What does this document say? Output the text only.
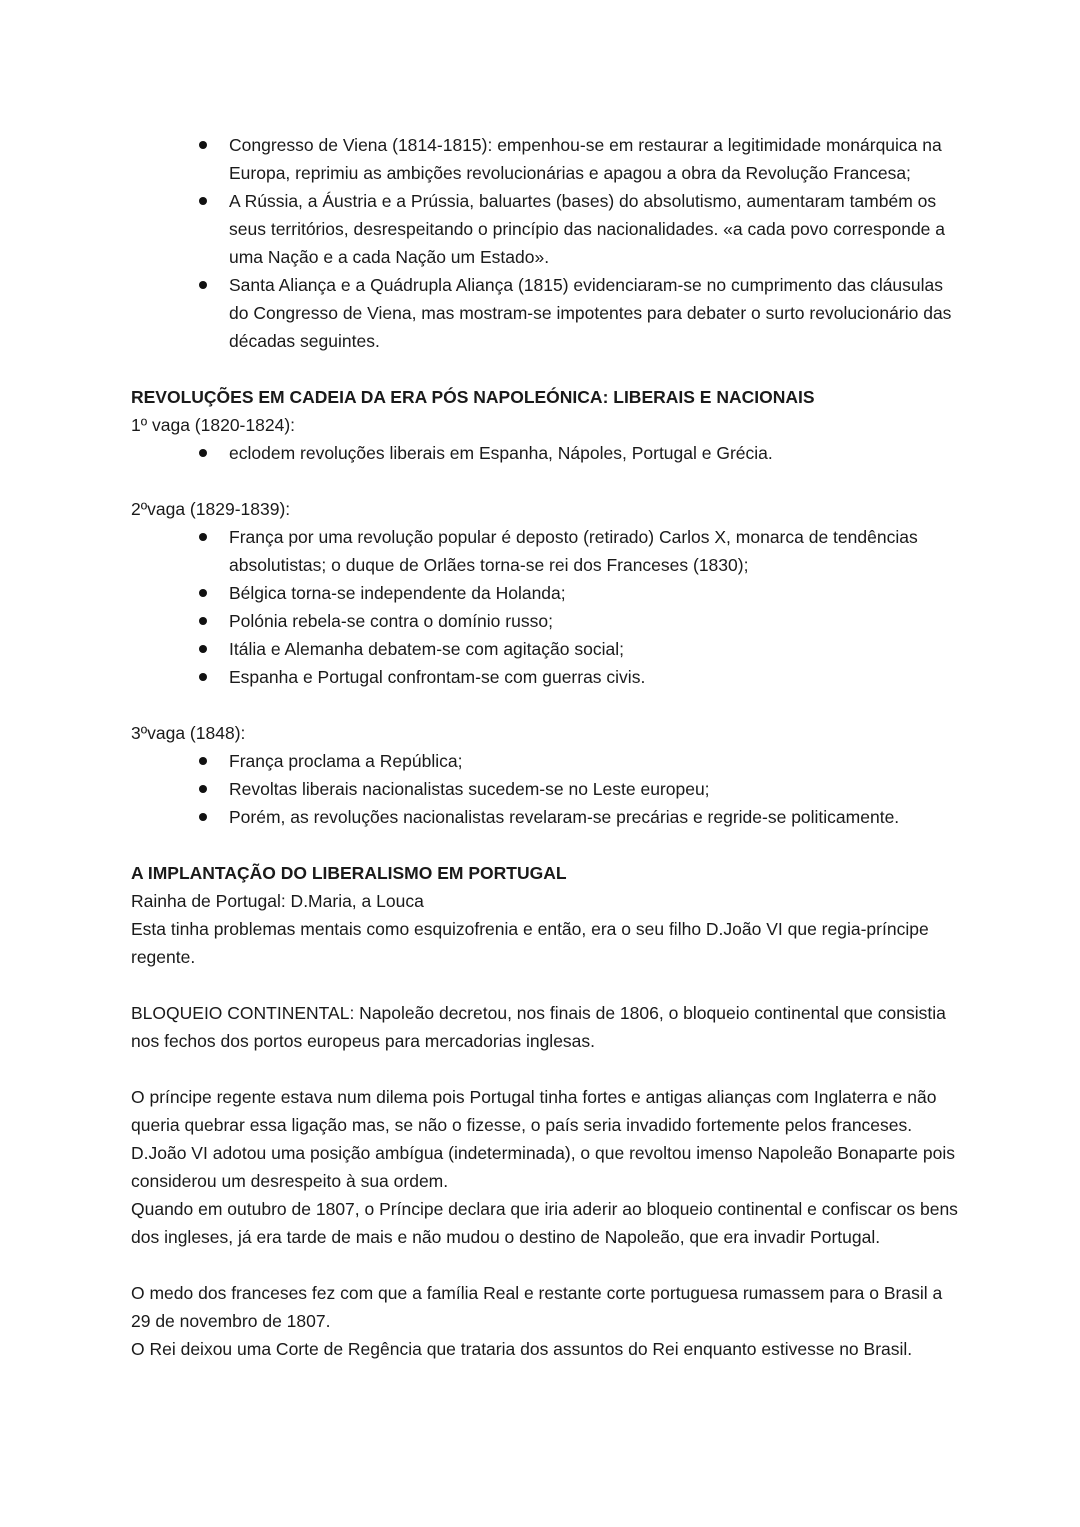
Congresso de Viena (1814-1815): empenhou-se em restaurar a legitimidade monárquica na Europa, reprimiu as ambições revolucionárias e apagou a obra da Revolução Francesa;
A Rússia, a Áustria e a Prússia, baluartes (bases) do absolutismo, aumentaram também os seus territórios, desrespeitando o princípio das nacionalidades. «a cada povo corresponde a uma Nação e a cada Nação um Estado».
Santa Aliança e a Quádrupla Aliança (1815) evidenciaram-se no cumprimento das cláusulas do Congresso de Viena, mas mostram-se impotentes para debater o surto revolucionário das décadas seguintes.

REVOLUÇÕES EM CADEIA DA ERA PÓS NAPOLEÓNICA: LIBERAIS E NACIONAIS

1º vaga (1820-1824):

eclodem revoluções liberais em Espanha, Nápoles, Portugal e Grécia.

2ºvaga (1829-1839):

França por uma revolução popular é deposto (retirado) Carlos X, monarca de tendências absolutistas; o duque de Orlães torna-se rei dos Franceses (1830);
Bélgica torna-se independente da Holanda;
Polónia rebela-se contra o domínio russo;
Itália e Alemanha debatem-se com agitação social;
Espanha e Portugal confrontam-se com guerras civis.

3ºvaga (1848):

França proclama a República;
Revoltas liberais nacionalistas sucedem-se no Leste europeu;
Porém, as revoluções nacionalistas revelaram-se precárias e regride-se politicamente.

A IMPLANTAÇÃO DO LIBERALISMO EM PORTUGAL

Rainha de Portugal: D.Maria, a Louca

Esta tinha problemas mentais como esquizofrenia e então, era o seu filho D.João VI que regia-príncipe regente.

BLOQUEIO CONTINENTAL: Napoleão decretou, nos finais de 1806, o bloqueio continental que consistia nos fechos dos portos europeus para mercadorias inglesas.

O príncipe regente estava num dilema pois Portugal tinha fortes e antigas alianças com Inglaterra e não queria quebrar essa ligação mas, se não o fizesse, o país seria invadido fortemente pelos franceses.

D.João VI adotou uma posição ambígua (indeterminada), o que revoltou imenso Napoleão Bonaparte pois considerou um desrespeito à sua ordem.

Quando em outubro de 1807, o Príncipe declara que iria aderir ao bloqueio continental e confiscar os bens dos ingleses, já era tarde de mais e não mudou o destino de Napoleão, que era invadir Portugal.

O medo dos franceses fez com que a família Real e restante corte portuguesa rumassem para o Brasil a 29 de novembro de 1807.

O Rei deixou uma Corte de Regência que trataria dos assuntos do Rei enquanto estivesse no Brasil.
